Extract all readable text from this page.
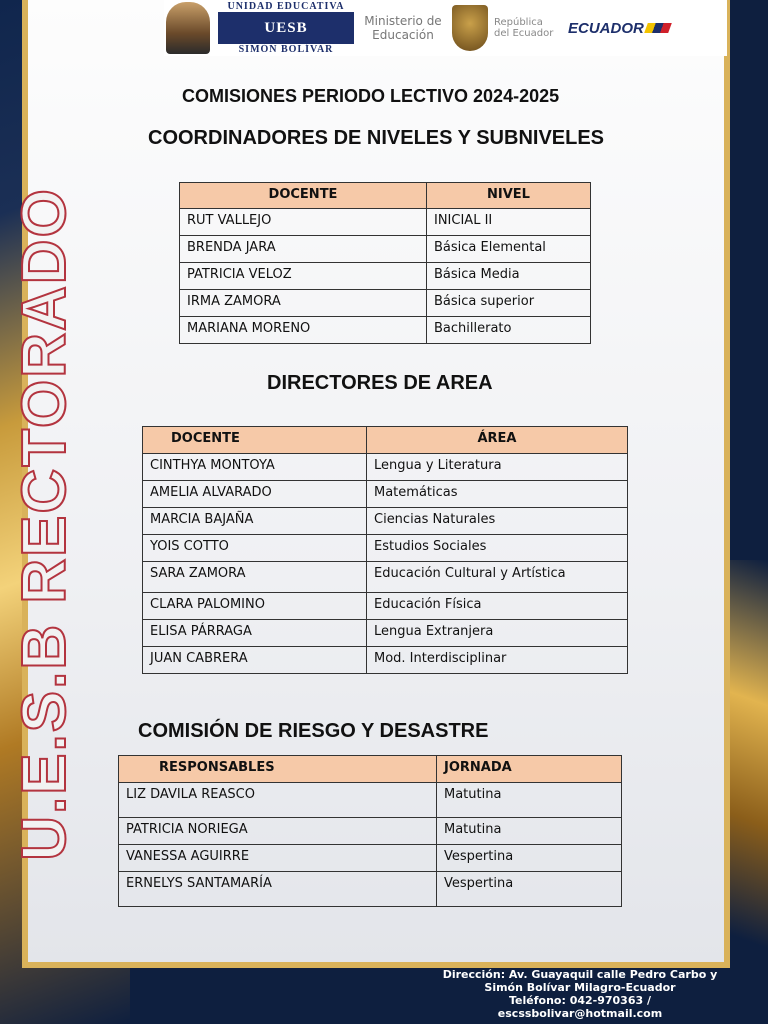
U.E.S.B RECTORADO
UNIDAD EDUCATIVA
UESB
SIMÓN BOLÍVAR
Ministerio de Educación
República del Ecuador ECUADOR
COMISIONES PERIODO LECTIVO 2024-2025
COORDINADORES DE NIVELES Y SUBNIVELES
DOCENTE	NIVEL
RUT VALLEJO	INICIAL II
BRENDA JARA	Básica Elemental
PATRICIA VELOZ	Básica Media
IRMA ZAMORA	Básica superior
MARIANA MORENO	Bachillerato
DIRECTORES DE AREA
DOCENTE	ÁREA
CINTHYA MONTOYA	Lengua y Literatura
AMELIA ALVARADO	Matemáticas
MARCIA BAJAÑA	Ciencias Naturales
YOIS COTTO	Estudios Sociales
SARA ZAMORA	Educación Cultural y Artística
CLARA PALOMINO	Educación Física
ELISA PÁRRAGA	Lengua Extranjera
JUAN CABRERA	Mod. Interdisciplinar
COMISIÓN DE RIESGO Y DESASTRE
RESPONSABLES	JORNADA
LIZ DAVILA REASCO	Matutina
PATRICIA NORIEGA	Matutina
VANESSA AGUIRRE	Vespertina
ERNELYS SANTAMARÍA	Vespertina
Dirección: Av. Guayaquil calle Pedro Carbo y Simón Bolívar Milagro-Ecuador
Teléfono: 042-970363 / escssbolivar@hotmail.com
